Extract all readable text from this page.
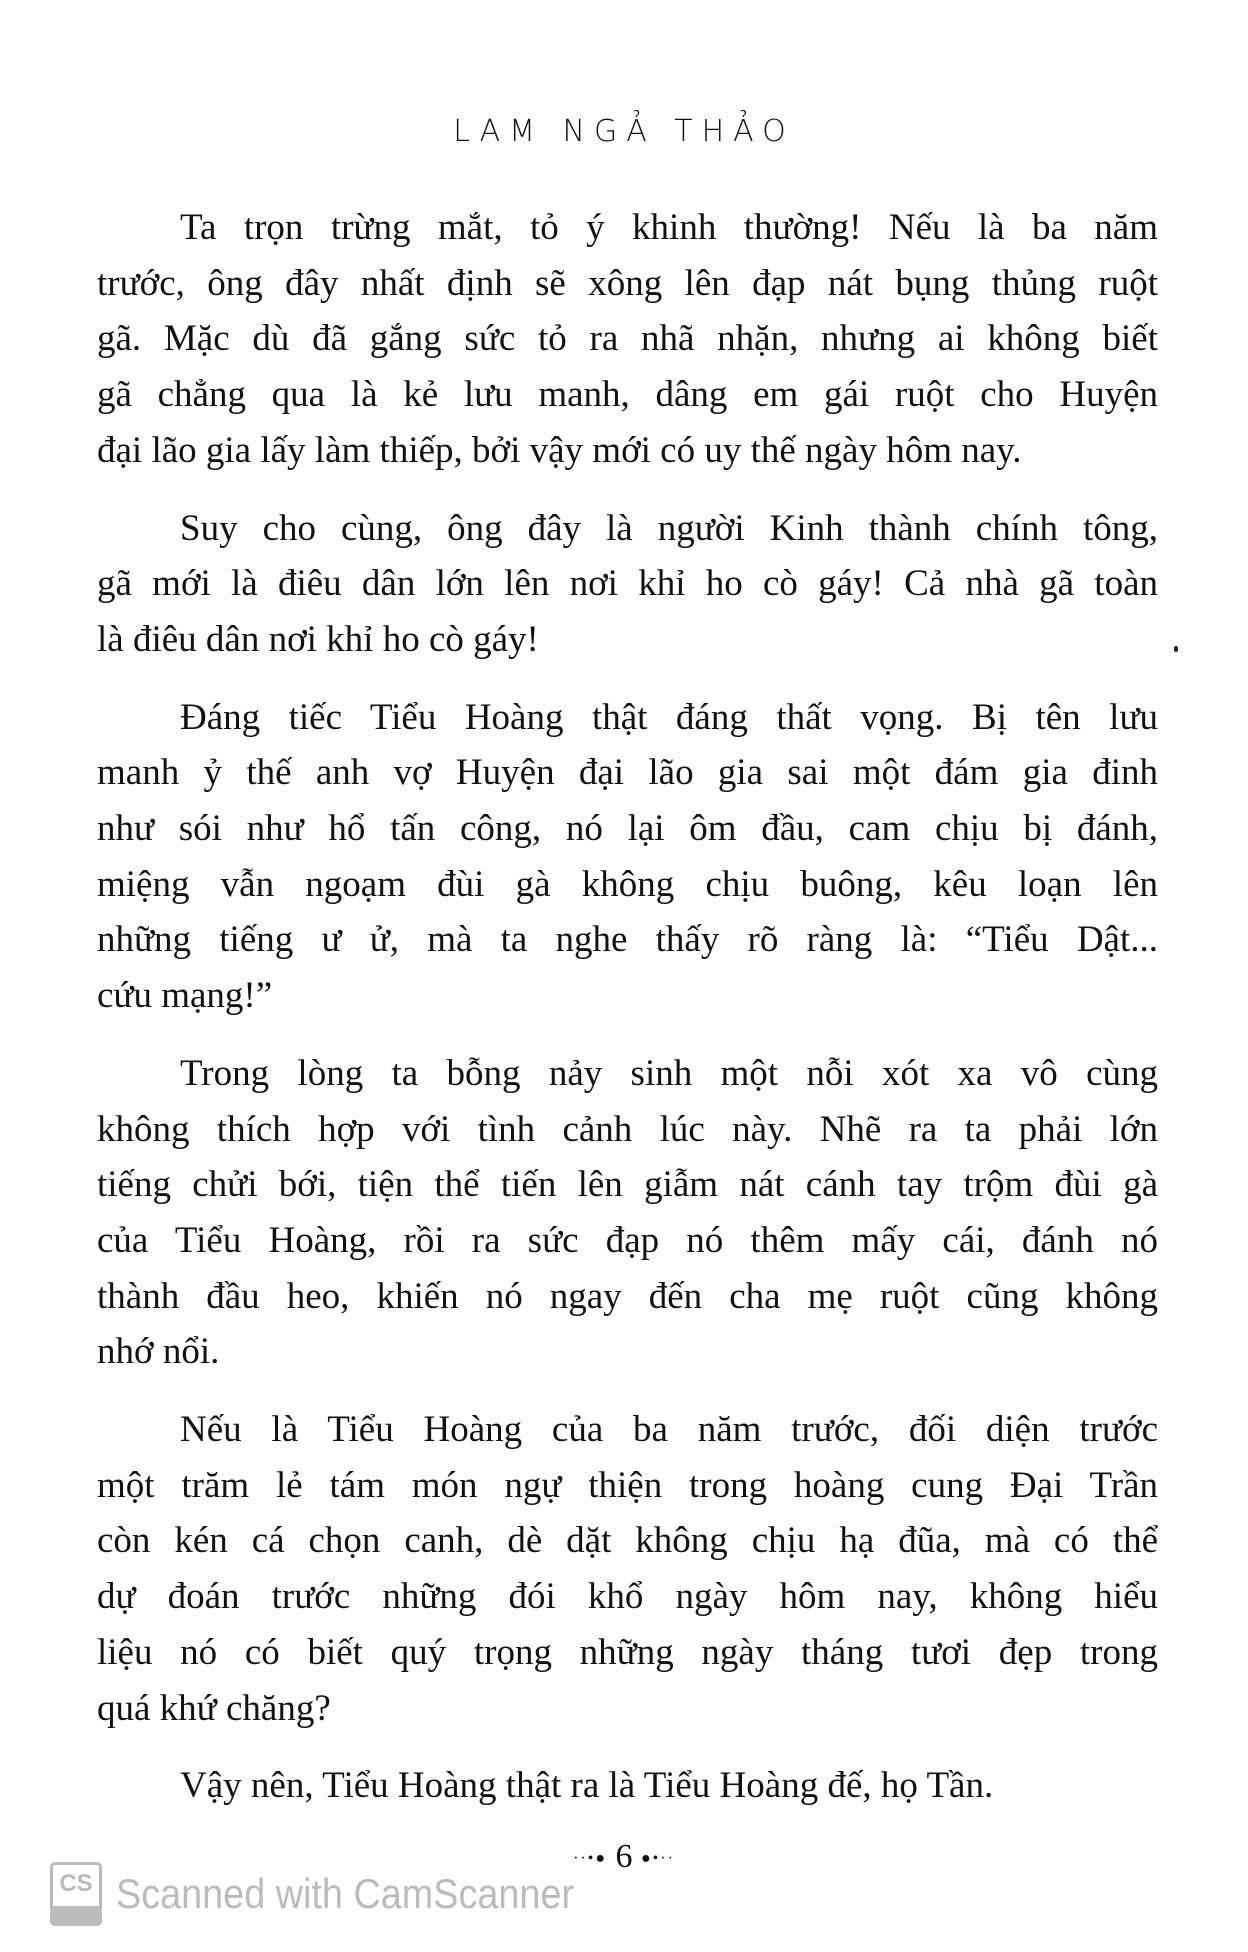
LAM NGẢ THẢO
Ta trọn trừng mắt, tỏ ý khinh thường! Nếu là ba năm
trước, ông đây nhất định sẽ xông lên đạp nát bụng thủng ruột
gã. Mặc dù đã gắng sức tỏ ra nhã nhặn, nhưng ai không biết
gã chẳng qua là kẻ lưu manh, dâng em gái ruột cho Huyện
đại lão gia lấy làm thiếp, bởi vậy mới có uy thế ngày hôm nay.
Suy cho cùng, ông đây là người Kinh thành chính tông,
gã mới là điêu dân lớn lên nơi khỉ ho cò gáy! Cả nhà gã toàn
là điêu dân nơi khỉ ho cò gáy!
Đáng tiếc Tiểu Hoàng thật đáng thất vọng. Bị tên lưu
manh ỷ thế anh vợ Huyện đại lão gia sai một đám gia đinh
như sói như hổ tấn công, nó lại ôm đầu, cam chịu bị đánh,
miệng vẫn ngoạm đùi gà không chịu buông, kêu loạn lên
những tiếng ư ử, mà ta nghe thấy rõ ràng là: “Tiểu Dật...
cứu mạng!”
Trong lòng ta bỗng nảy sinh một nỗi xót xa vô cùng
không thích hợp với tình cảnh lúc này. Nhẽ ra ta phải lớn
tiếng chửi bới, tiện thể tiến lên giẫm nát cánh tay trộm đùi gà
của Tiểu Hoàng, rồi ra sức đạp nó thêm mấy cái, đánh nó
thành đầu heo, khiến nó ngay đến cha mẹ ruột cũng không
nhớ nổi.
Nếu là Tiểu Hoàng của ba năm trước, đối diện trước
một trăm lẻ tám món ngự thiện trong hoàng cung Đại Trần
còn kén cá chọn canh, dè dặt không chịu hạ đũa, mà có thể
dự đoán trước những đói khổ ngày hôm nay, không hiểu
liệu nó có biết quý trọng những ngày tháng tươi đẹp trong
quá khứ chăng?
Vậy nên, Tiểu Hoàng thật ra là Tiểu Hoàng đế, họ Tần.
··•● 6 ●•··
CS Scanned with CamScanner
